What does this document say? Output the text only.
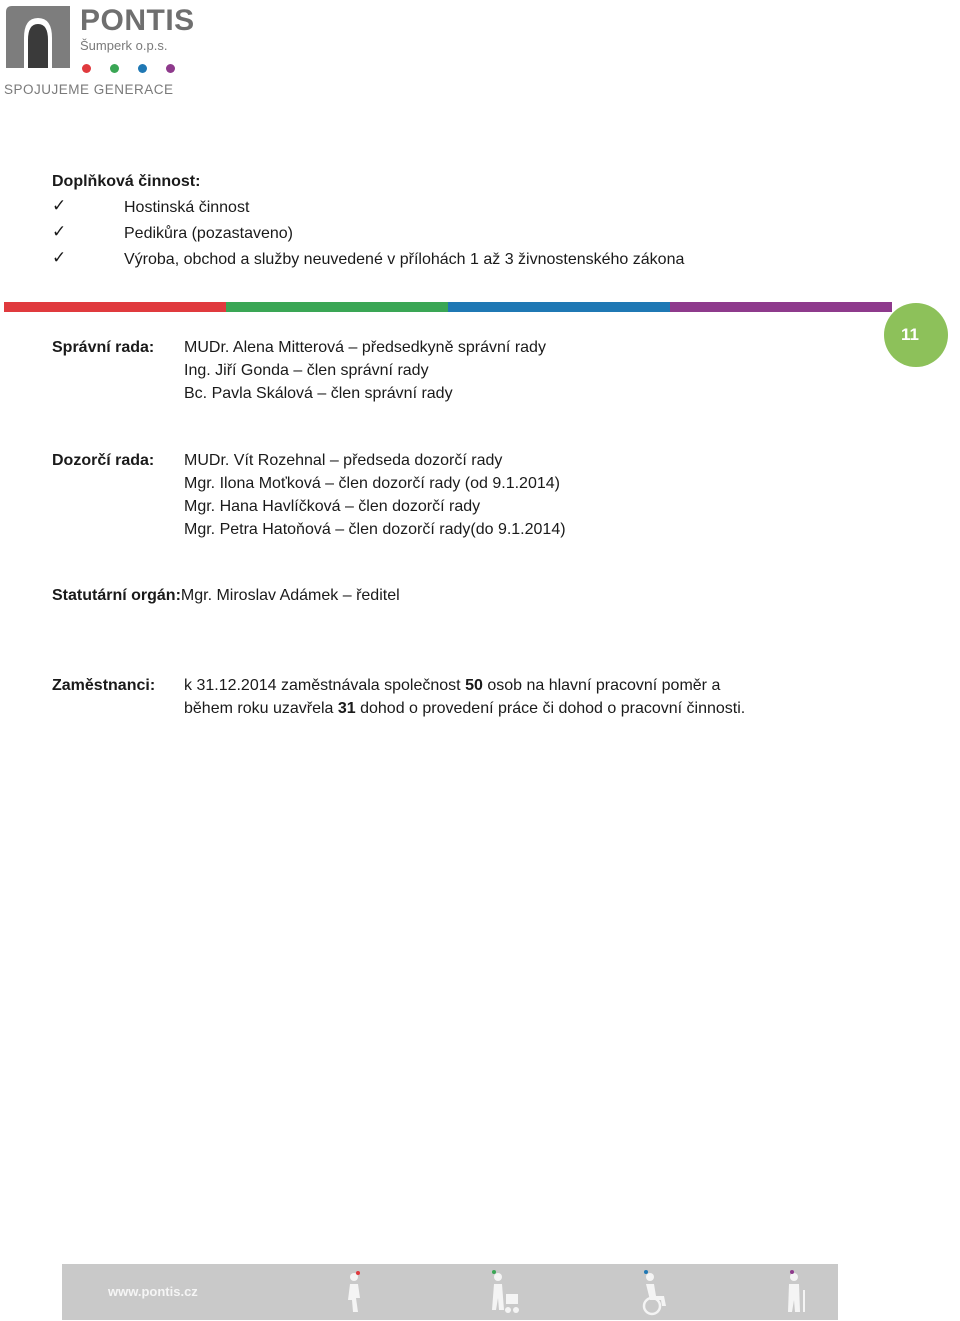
PONTIS
Šumperk o.p.s.
SPOJUJEME GENERACE
Doplňková činnost:
✓	Hostinská činnost
✓	Pedikůra (pozastaveno)
✓	Výroba, obchod a služby neuvedené v přílohách 1 až 3 živnostenského zákona
11
Správní rada: MUDr. Alena Mitterová – předsedkyně správní rady
Ing. Jiří Gonda – člen správní rady
Bc. Pavla Skálová – člen správní rady
Dozorčí rada: MUDr. Vít Rozehnal – předseda dozorčí rady
Mgr. Ilona Moťková – člen dozorčí rady (od 9.1.2014)
Mgr. Hana Havlíčková – člen dozorčí rady
Mgr. Petra Hatoňová – člen dozorčí rady(do 9.1.2014)
Statutární orgán:Mgr. Miroslav Adámek – ředitel
Zaměstnanci: k 31.12.2014 zaměstnávala společnost 50 osob na hlavní pracovní poměr a
během roku uzavřela 31 dohod o provedení práce či dohod o pracovní činnosti.
www.pontis.cz
